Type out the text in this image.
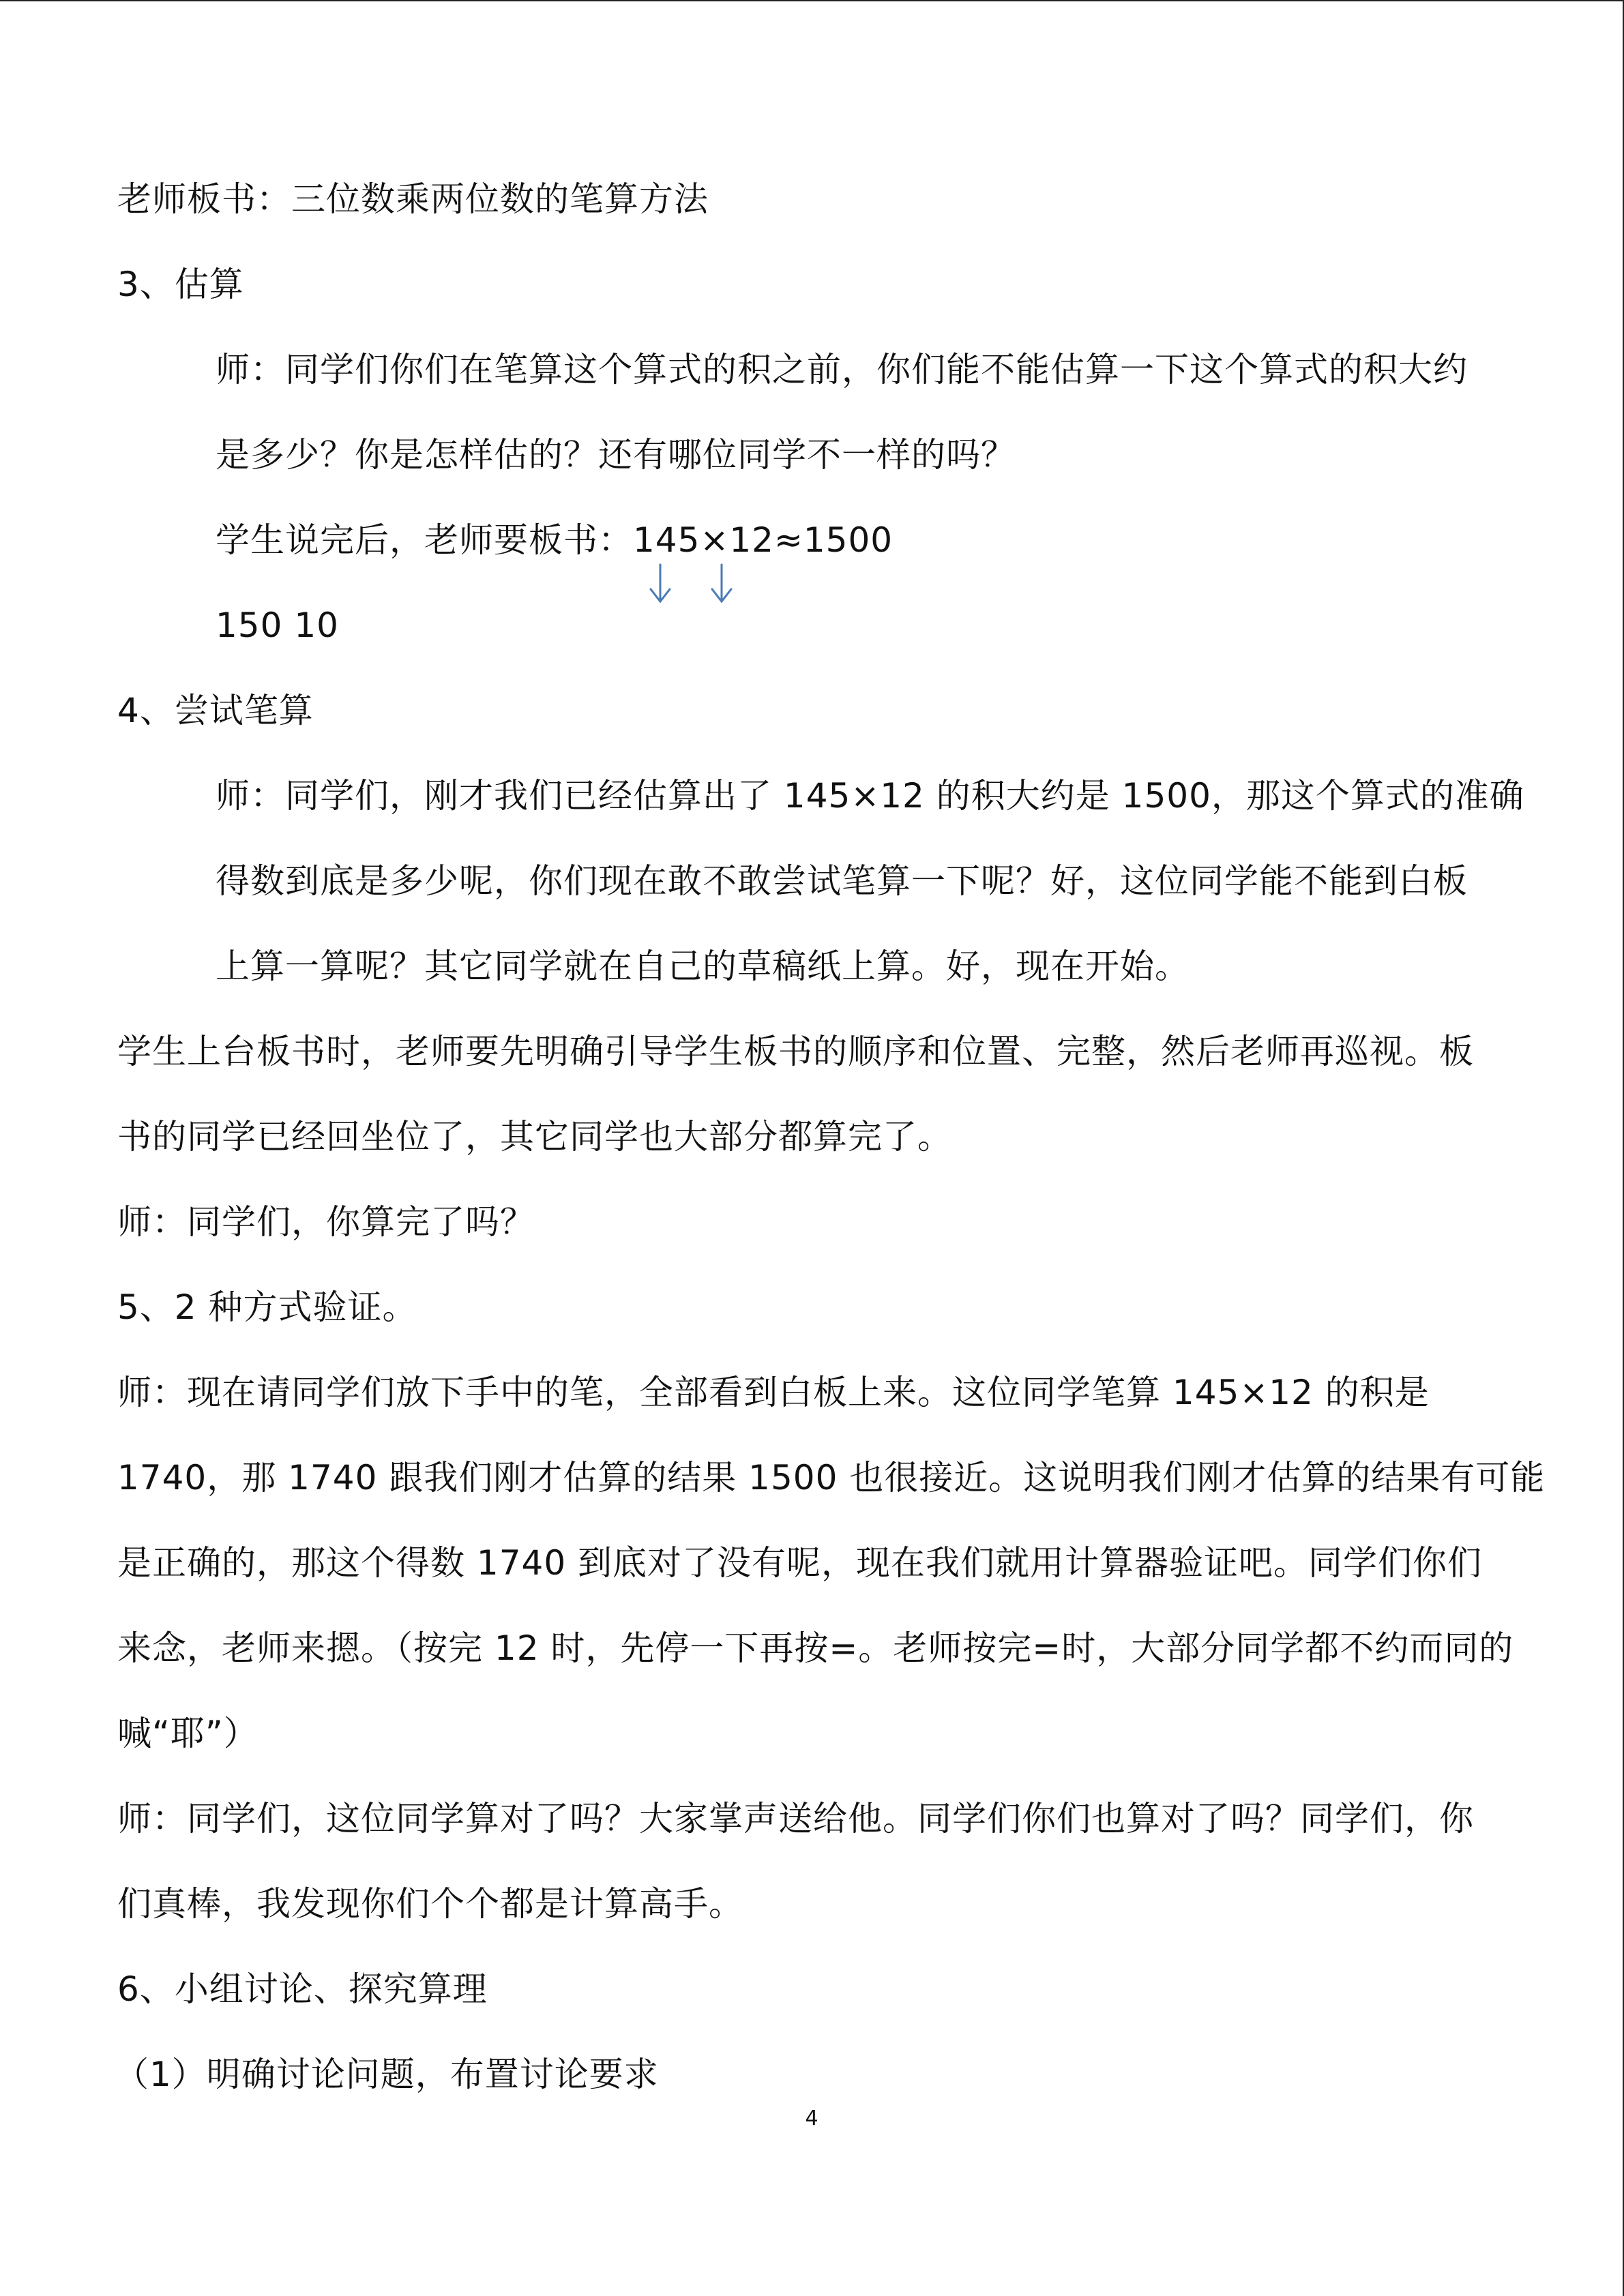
老师板书：三位数乘两位数的笔算方法
3、估算
师：同学们你们在笔算这个算式的积之前，你们能不能估算一下这个算式的积大约
是多少？你是怎样估的？还有哪位同学不一样的吗？
学生说完后，老师要板书：145×12≈1500
150 10
4、尝试笔算
师：同学们，刚才我们已经估算出了 145×12 的积大约是 1500，那这个算式的准确
得数到底是多少呢，你们现在敢不敢尝试笔算一下呢？好，这位同学能不能到白板
上算一算呢？其它同学就在自己的草稿纸上算。好，现在开始。
学生上台板书时，老师要先明确引导学生板书的顺序和位置、完整，然后老师再巡视。板
书的同学已经回坐位了，其它同学也大部分都算完了。
师：同学们，你算完了吗？
5、2 种方式验证。
师：现在请同学们放下手中的笔，全部看到白板上来。这位同学笔算 145×12 的积是
1740，那 1740 跟我们刚才估算的结果 1500 也很接近。这说明我们刚才估算的结果有可能
是正确的，那这个得数 1740 到底对了没有呢，现在我们就用计算器验证吧。同学们你们
来念，老师来摁。（按完 12 时，先停一下再按=。老师按完=时，大部分同学都不约而同的
喊“耶”）
师：同学们，这位同学算对了吗？大家掌声送给他。同学们你们也算对了吗？同学们，你
们真棒，我发现你们个个都是计算高手。
6、小组讨论、探究算理
（1）明确讨论问题，布置讨论要求
4
